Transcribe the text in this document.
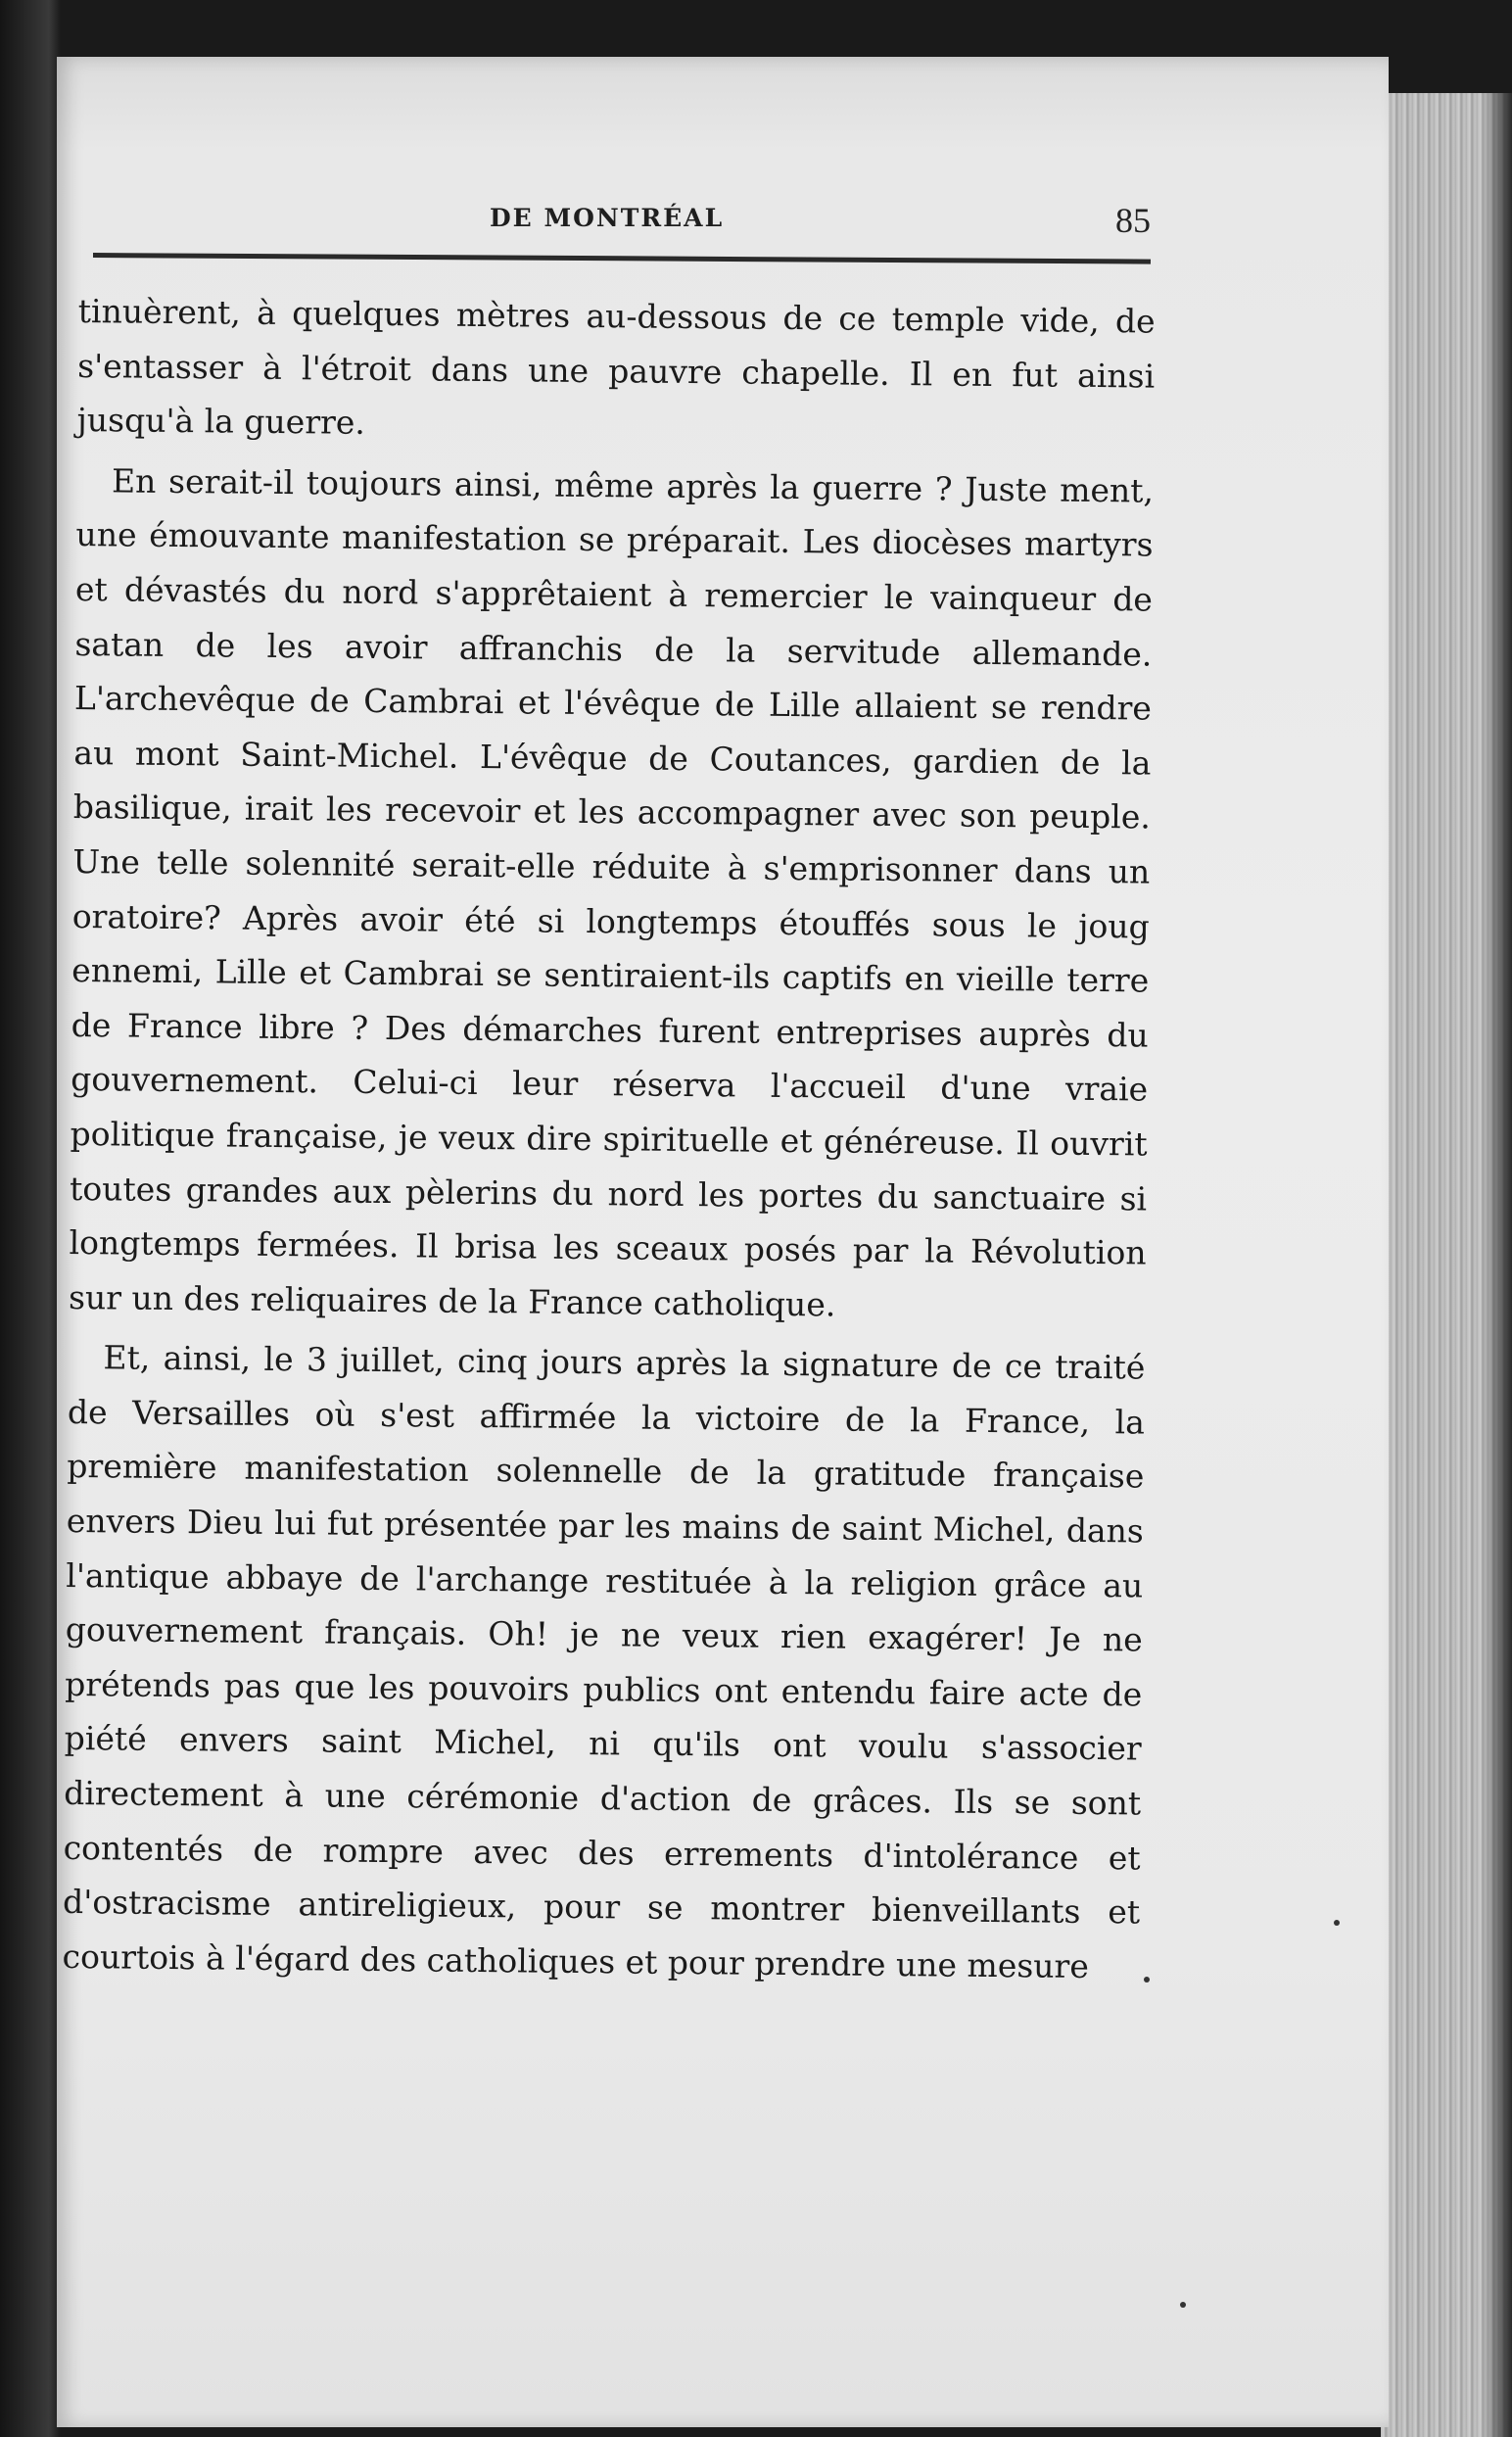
DE MONTRÉAL	85

tinuèrent, à quelques mètres au-dessous de ce temple vide, de s'entasser à l'étroit dans une pauvre chapelle. Il en fut ainsi jusqu'à la guerre.

En serait-il toujours ainsi, même après la guerre ? Juste ment, une émouvante manifestation se préparait. Les diocèses martyrs et dévastés du nord s'apprêtaient à remercier le vainqueur de satan de les avoir affranchis de la servitude allemande. L'archevêque de Cambrai et l'évêque de Lille allaient se rendre au mont Saint-Michel. L'évêque de Coutances, gardien de la basilique, irait les recevoir et les accompagner avec son peuple. Une telle solennité serait-elle réduite à s'emprisonner dans un oratoire? Après avoir été si longtemps étouffés sous le joug ennemi, Lille et Cambrai se sentiraient-ils captifs en vieille terre de France libre ? Des démarches furent entreprises auprès du gouvernement. Celui-ci leur réserva l'accueil d'une vraie politique française, je veux dire spirituelle et généreuse. Il ouvrit toutes grandes aux pèlerins du nord les portes du sanctuaire si longtemps fermées. Il brisa les sceaux posés par la Révolution sur un des reliquaires de la France catholique.

Et, ainsi, le 3 juillet, cinq jours après la signature de ce traité de Versailles où s'est affirmée la victoire de la France, la première manifestation solennelle de la gratitude française envers Dieu lui fut présentée par les mains de saint Michel, dans l'antique abbaye de l'archange restituée à la religion grâce au gouvernement français. Oh! je ne veux rien exagérer! Je ne prétends pas que les pouvoirs publics ont entendu faire acte de piété envers saint Michel, ni qu'ils ont voulu s'associer directement à une cérémonie d'action de grâces. Ils se sont contentés de rompre avec des errements d'intolérance et d'ostracisme antireligieux, pour se montrer bienveillants et courtois à l'égard des catholiques et pour prendre une mesure
